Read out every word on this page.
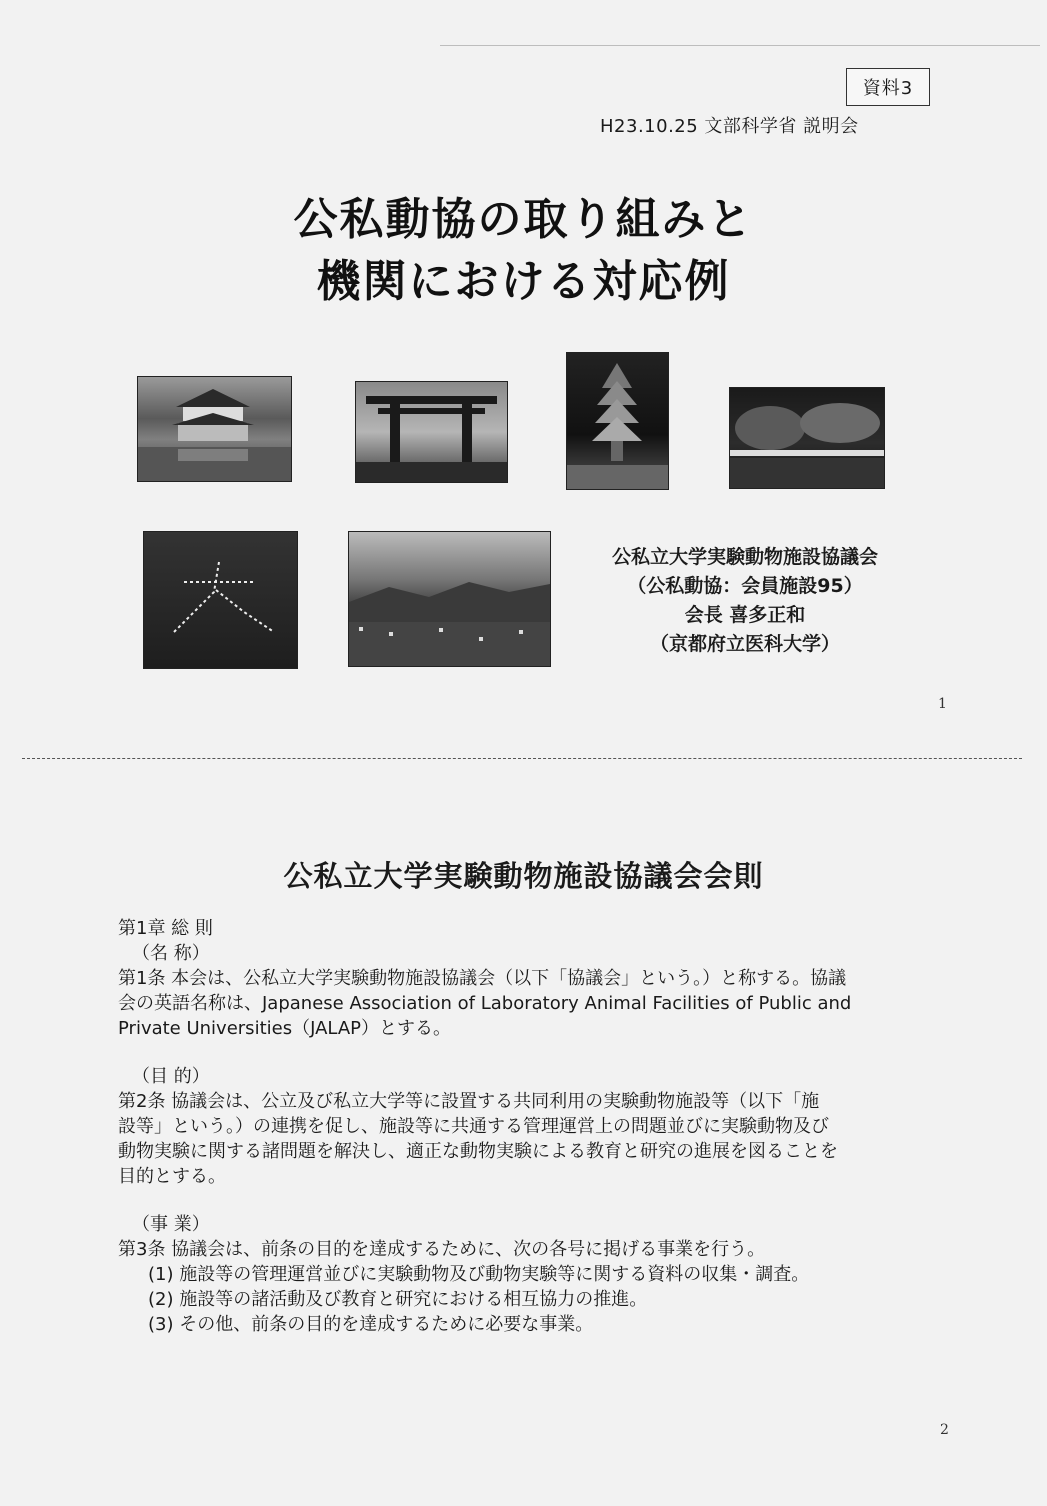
資料3
H23.10.25 文部科学省 説明会
公私動協の取り組みと
機関における対応例
公私立大学実験動物施設協議会
（公私動協：会員施設95）
会長 喜多正和
（京都府立医科大学）
1
公私立大学実験動物施設協議会会則

第1章 総 則

（名 称）

第1条 本会は、公私立大学実験動物施設協議会（以下「協議会」という。）と称する。協議

会の英語名称は、Japanese Association of Laboratory Animal Facilities of Public and

Private Universities（JALAP）とする。

（目 的）

第2条 協議会は、公立及び私立大学等に設置する共同利用の実験動物施設等（以下「施

設等」という。）の連携を促し、施設等に共通する管理運営上の問題並びに実験動物及び

動物実験に関する諸問題を解決し、適正な動物実験による教育と研究の進展を図ることを

目的とする。

（事 業）

第3条 協議会は、前条の目的を達成するために、次の各号に掲げる事業を行う。

(1) 施設等の管理運営並びに実験動物及び動物実験等に関する資料の収集・調査。

(2) 施設等の諸活動及び教育と研究における相互協力の推進。

(3) その他、前条の目的を達成するために必要な事業。

2
